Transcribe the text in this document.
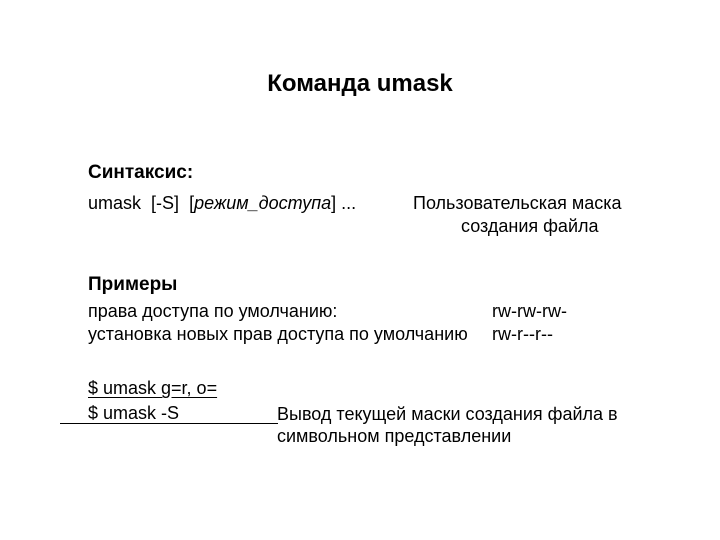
Команда umask
Синтаксис:
umask [-S] [режим_доступа] ...	Пользовательская маска
создания файла
Примеры
права доступа по умолчанию:	rw-rw-rw-
установка новых прав доступа по умолчанию rw-r--r--
$ umask g=r, o=
$ umask -S	Вывод текущей маски создания файла в
символьном представлении
